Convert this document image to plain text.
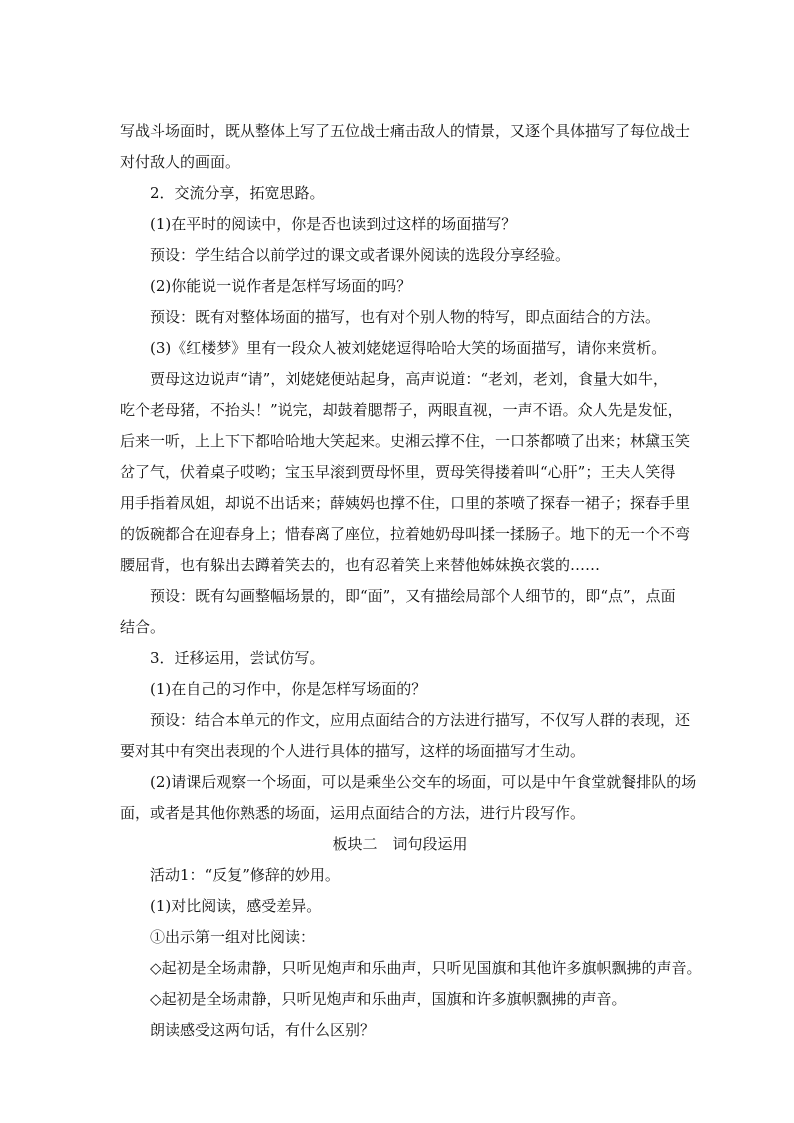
写战斗场面时，既从整体上写了五位战士痛击敌人的情景，又逐个具体描写了每位战士
对付敌人的画面。
2．交流分享，拓宽思路。
(1)在平时的阅读中，你是否也读到过这样的场面描写？
预设：学生结合以前学过的课文或者课外阅读的选段分享经验。
(2)你能说一说作者是怎样写场面的吗？
预设：既有对整体场面的描写，也有对个别人物的特写，即点面结合的方法。
(3)《红楼梦》里有一段众人被刘姥姥逗得哈哈大笑的场面描写，请你来赏析。
贾母这边说声“请”，刘姥姥便站起身，高声说道：“老刘，老刘，食量大如牛，
吃个老母猪，不抬头！”说完，却鼓着腮帮子，两眼直视，一声不语。众人先是发怔，
后来一听，上上下下都哈哈地大笑起来。史湘云撑不住，一口茶都喷了出来；林黛玉笑
岔了气，伏着桌子哎哟；宝玉早滚到贾母怀里，贾母笑得搂着叫“心肝”；王夫人笑得
用手指着凤姐，却说不出话来；薛姨妈也撑不住，口里的茶喷了探春一裙子；探春手里
的饭碗都合在迎春身上；惜春离了座位，拉着她奶母叫揉一揉肠子。地下的无一个不弯
腰屈背，也有躲出去蹲着笑去的，也有忍着笑上来替他姊妹换衣裳的……
预设：既有勾画整幅场景的，即“面”，又有描绘局部个人细节的，即“点”，点面
结合。
3．迁移运用，尝试仿写。
(1)在自己的习作中，你是怎样写场面的？
预设：结合本单元的作文，应用点面结合的方法进行描写，不仅写人群的表现，还
要对其中有突出表现的个人进行具体的描写，这样的场面描写才生动。
(2)请课后观察一个场面，可以是乘坐公交车的场面，可以是中午食堂就餐排队的场
面，或者是其他你熟悉的场面，运用点面结合的方法，进行片段写作。
板块二　词句段运用
活动1：“反复”修辞的妙用。
(1)对比阅读，感受差异。
①出示第一组对比阅读：
◇起初是全场肃静，只听见炮声和乐曲声，只听见国旗和其他许多旗帜飘拂的声音。
◇起初是全场肃静，只听见炮声和乐曲声，国旗和许多旗帜飘拂的声音。
朗读感受这两句话，有什么区别？
